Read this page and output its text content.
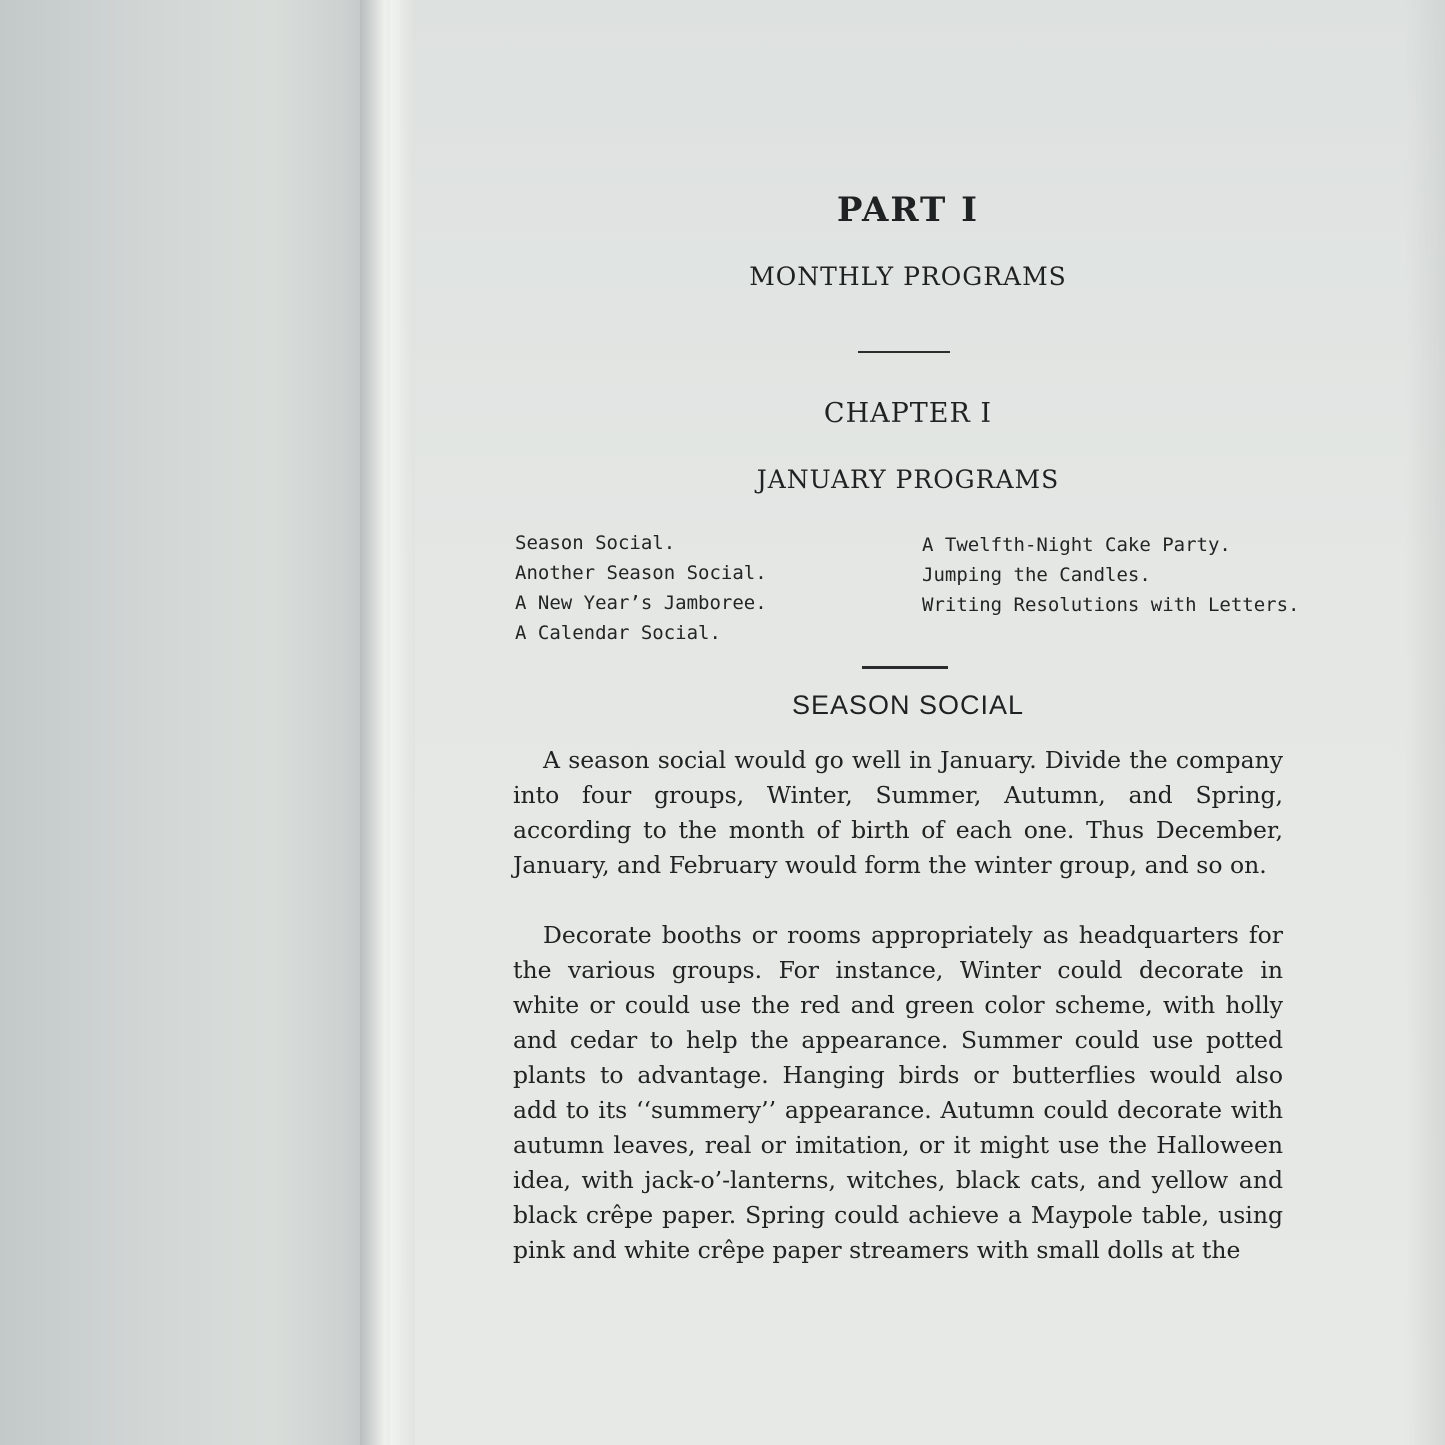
PART I
MONTHLY PROGRAMS
CHAPTER I
JANUARY PROGRAMS
Season Social.
Another Season Social.
A New Year’s Jamboree.
A Calendar Social.
A Twelfth-Night Cake Party.
Jumping the Candles.
Writing Resolutions with Letters.
SEASON SOCIAL

A season social would go well in January. Divide the company into four groups, Winter, Summer, Autumn, and Spring, according to the month of birth of each one. Thus December, January, and February would form the winter group, and so on.

Decorate booths or rooms appropriately as headquarters for the various groups. For instance, Winter could decorate in white or could use the red and green color scheme, with holly and cedar to help the appearance. Summer could use potted plants to advantage. Hanging birds or butterflies would also add to its ‘‘summery’’ appearance. Autumn could decorate with autumn leaves, real or imitation, or it might use the Halloween idea, with jack-o’-lanterns, witches, black cats, and yellow and black crêpe paper. Spring could achieve a Maypole table, using pink and white crêpe paper streamers with small dolls at the
